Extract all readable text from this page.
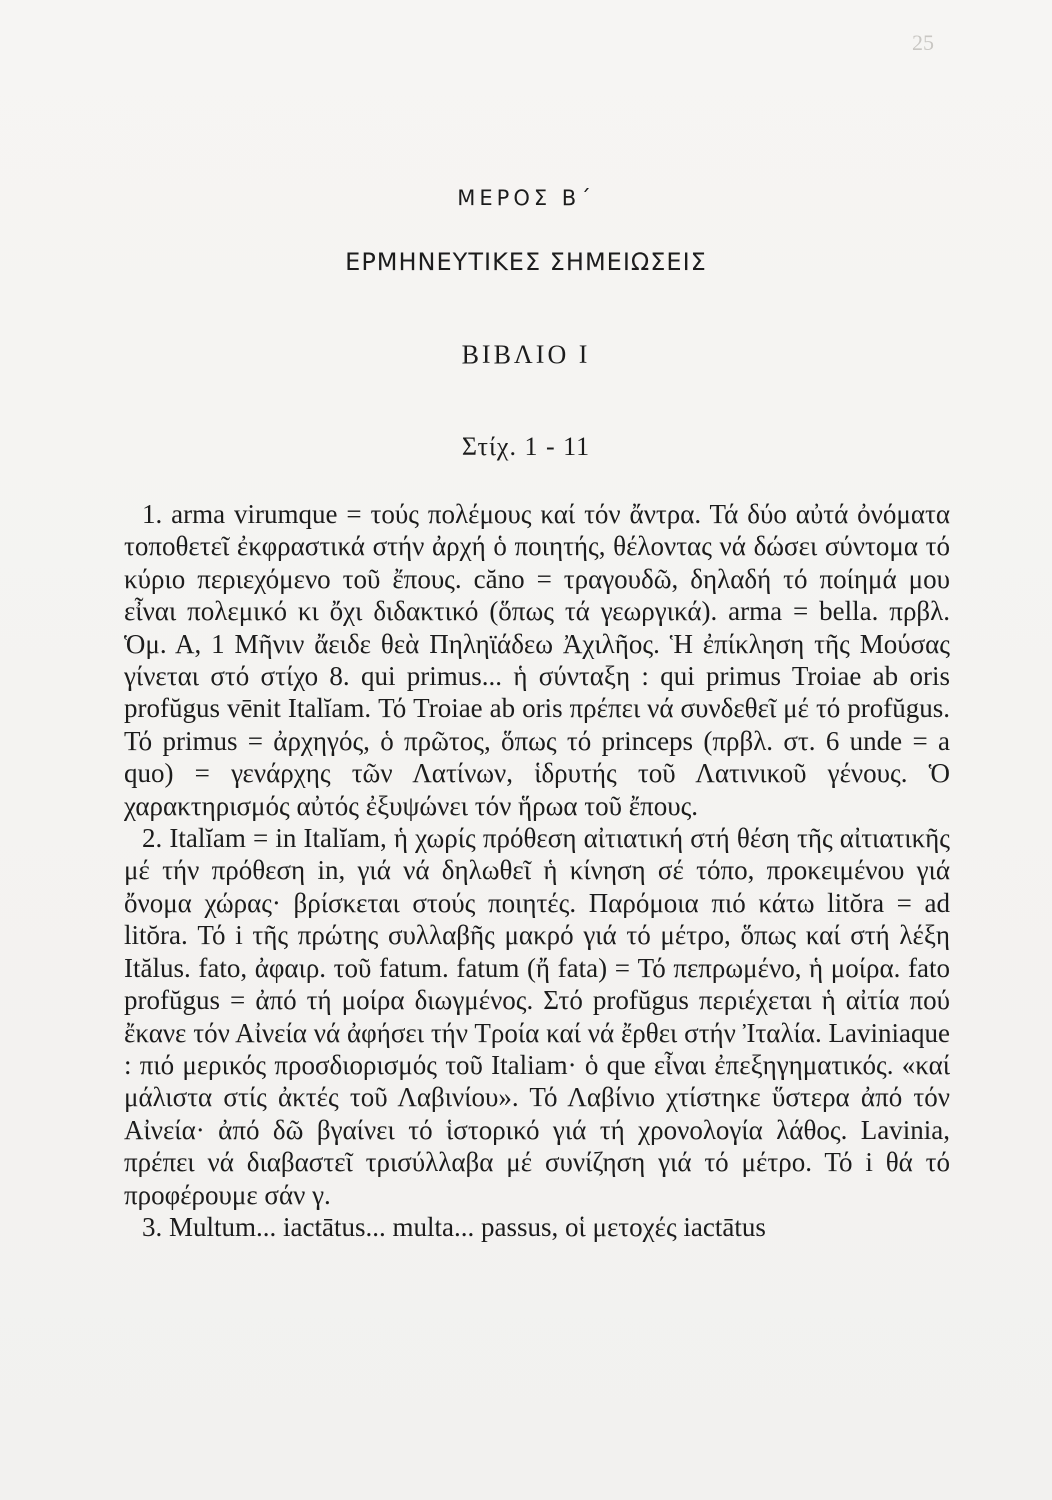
25
ΜΕΡΟΣ Β΄
ΕΡΜΗΝΕΥΤΙΚΕΣ ΣΗΜΕΙΩΣΕΙΣ
ΒΙΒΛΙΟ Ι
Στίχ. 1 - 11

1. arma virumque = τούς πολέμους καί τόν ἄντρα. Τά δύο αὐτά ὀνόματα τοποθετεῖ ἐκφραστικά στήν ἀρχή ὁ ποιητής, θέλοντας νά δώσει σύντομα τό κύριο περιεχόμενο τοῦ ἔπους. căno = τραγουδῶ, δηλαδή τό ποίημά μου εἶναι πολεμικό κι ὄχι διδακτικό (ὅπως τά γεωργικά). arma = bella. πρβλ. Ὁμ. Α, 1 Μῆνιν ἄειδε θεὰ Πηληϊάδεω Ἀχιλῆος. Ἡ ἐπίκληση τῆς Μούσας γίνεται στό στίχο 8. qui primus... ἡ σύνταξη : qui primus Troiae ab oris profŭgus vēnit Italĭam. Τό Troiae ab oris πρέπει νά συνδεθεῖ μέ τό profŭgus. Τό primus = ἀρχηγός, ὁ πρῶτος, ὅπως τό princeps (πρβλ. στ. 6 unde = a quo) = γενάρχης τῶν Λατίνων, ἱδρυτής τοῦ Λατινικοῦ γένους. Ὁ χαρακτηρισμός αὐτός ἐξυψώνει τόν ἥρωα τοῦ ἔπους.

2. Italĭam = in Italĭam, ἡ χωρίς πρόθεση αἰτιατική στή θέση τῆς αἰτιατικῆς μέ τήν πρόθεση in, γιά νά δηλωθεῖ ἡ κίνηση σέ τόπο, προκειμένου γιά ὄνομα χώρας· βρίσκεται στούς ποιητές. Παρόμοια πιό κάτω litŏra = ad litŏra. Τό i τῆς πρώτης συλλαβῆς μακρό γιά τό μέτρο, ὅπως καί στή λέξη Itălus. fato, ἀφαιρ. τοῦ fatum. fatum (ἤ fata) = Τό πεπρωμένο, ἡ μοίρα. fato profŭgus = ἀπό τή μοίρα διωγμένος. Στό profŭgus περιέχεται ἡ αἰτία πού ἔκανε τόν Αἰνεία νά ἀφήσει τήν Τροία καί νά ἔρθει στήν Ἰταλία. Laviniaque : πιό μερικός προσδιορισμός τοῦ Italiam· ὁ que εἶναι ἐπεξηγηματικός. «καί μάλιστα στίς ἀκτές τοῦ Λαβινίου». Τό Λαβίνιο χτίστηκε ὕστερα ἀπό τόν Αἰνεία· ἀπό δῶ βγαίνει τό ἱστορικό γιά τή χρονολογία λάθος. Lavinia, πρέπει νά διαβαστεῖ τρισύλλαβα μέ συνίζηση γιά τό μέτρο. Τό i θά τό προφέρουμε σάν γ.

3. Multum... iactātus... multa... passus, οἱ μετοχές iactātus
